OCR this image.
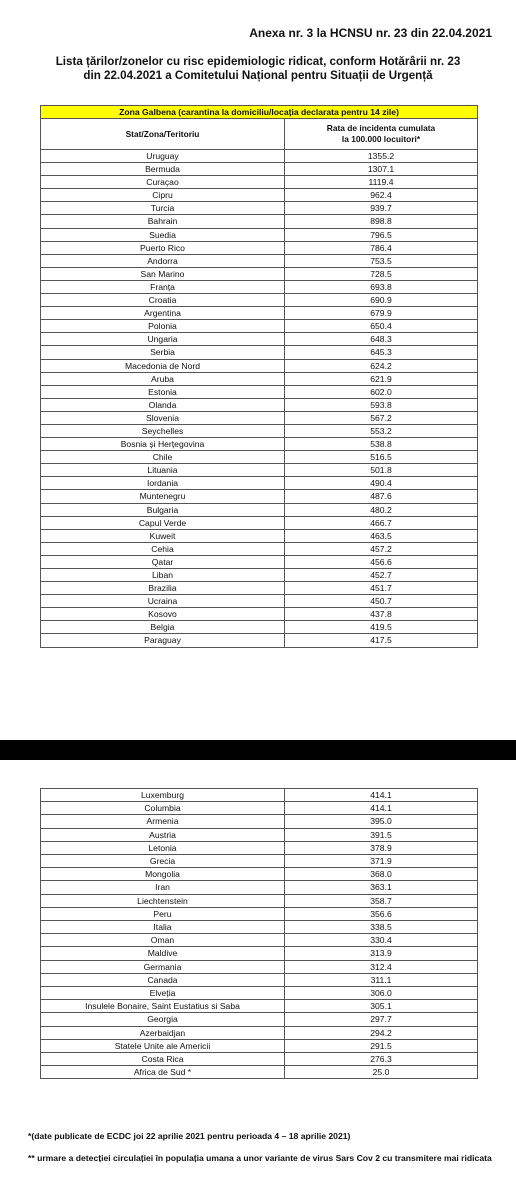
Anexa nr. 3 la HCNSU nr. 23 din 22.04.2021
Lista țărilor/zonelor cu risc epidemiologic ridicat, conform Hotărârii nr. 23
din 22.04.2021 a Comitetului Național pentru Situații de Urgență
Zona Galbena (carantina la domiciliu/locația declarata pentru 14 zile)	
Stat/Zona/Teritoriu	Rata de incidenta cumulata la 100.000 locuitori*
Uruguay	1355.2
Bermuda	1307.1
Curaçao	1119.4
Cipru	962.4
Turcia	939.7
Bahrain	898.8
Suedia	796.5
Puerto Rico	786.4
Andorra	753.5
San Marino	728.5
Franța	693.8
Croatia	690.9
Argentina	679.9
Polonia	650.4
Ungaria	648.3
Serbia	645.3
Macedonia de Nord	624.2
Aruba	621.9
Estonia	602.0
Olanda	593.8
Slovenia	567.2
Seychelles	553.2
Bosnia și Herțegovina	538.8
Chile	516.5
Lituania	501.8
Iordania	490.4
Muntenegru	487.6
Bulgaria	480.2
Capul Verde	466.7
Kuweit	463.5
Cehia	457.2
Qatar	456.6
Liban	452.7
Brazilia	451.7
Ucraina	450.7
Kosovo	437.8
Belgia	419.5
Paraguay	417.5
Luxemburg	414.1
Columbia	414.1
Armenia	395.0
Austria	391.5
Letonia	378.9
Grecia	371.9
Mongolia	368.0
Iran	363.1
Liechtenstein	358.7
Peru	356.6
Italia	338.5
Oman	330.4
Maldive	313.9
Germania	312.4
Canada	311.1
Elveția	306.0
Insulele Bonaire, Saint Eustatius si Saba	305.1
Georgia	297.7
Azerbaidjan	294.2
Statele Unite ale Americii	291.5
Costa Rica	276.3
Africa de Sud *	25.0
*(date publicate de ECDC joi 22 aprilie 2021 pentru perioada 4 – 18 aprilie 2021)
** urmare a detecției circulației în populația umana a unor variante de virus Sars Cov 2 cu transmitere mai ridicata
